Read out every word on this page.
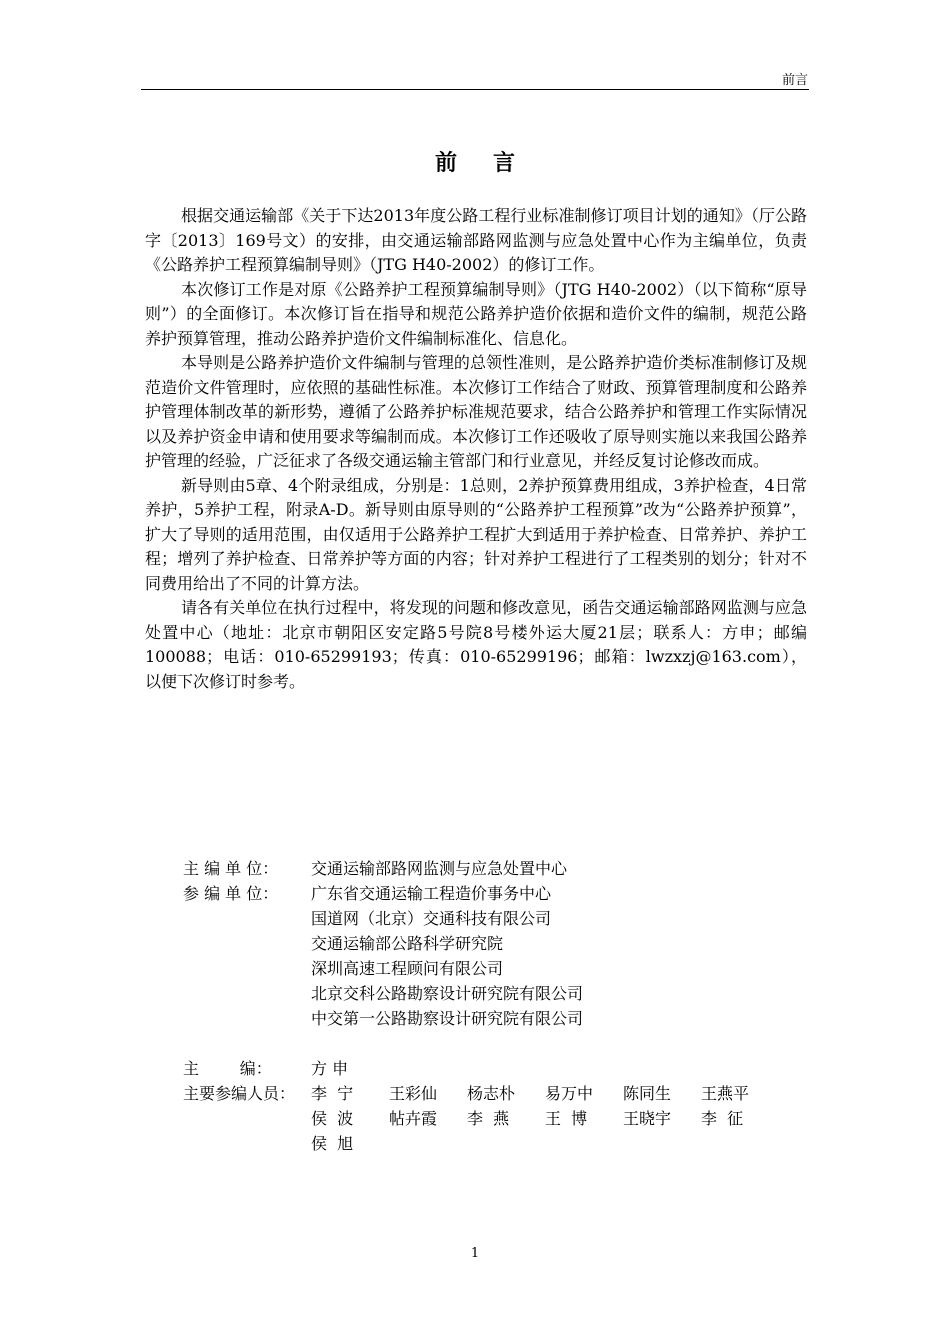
前言
前言

根据交通运输部《关于下达2013年度公路工程行业标准制修订项目计划的通知》（厅公路字〔2013〕169号文）的安排，由交通运输部路网监测与应急处置中心作为主编单位，负责《公路养护工程预算编制导则》（JTG H40-2002）的修订工作。

本次修订工作是对原《公路养护工程预算编制导则》（JTG H40-2002）（以下简称“原导则”）的全面修订。本次修订旨在指导和规范公路养护造价依据和造价文件的编制，规范公路养护预算管理，推动公路养护造价文件编制标准化、信息化。

本导则是公路养护造价文件编制与管理的总领性准则，是公路养护造价类标准制修订及规范造价文件管理时，应依照的基础性标准。本次修订工作结合了财政、预算管理制度和公路养护管理体制改革的新形势，遵循了公路养护标准规范要求，结合公路养护和管理工作实际情况以及养护资金申请和使用要求等编制而成。本次修订工作还吸收了原导则实施以来我国公路养护管理的经验，广泛征求了各级交通运输主管部门和行业意见，并经反复讨论修改而成。

新导则由5章、4个附录组成，分别是：1总则，2养护预算费用组成，3养护检查，4日常养护，5养护工程，附录A-D。新导则由原导则的“公路养护工程预算”改为“公路养护预算”，扩大了导则的适用范围，由仅适用于公路养护工程扩大到适用于养护检查、日常养护、养护工程；增列了养护检查、日常养护等方面的内容；针对养护工程进行了工程类别的划分；针对不同费用给出了不同的计算方法。

请各有关单位在执行过程中，将发现的问题和修改意见，函告交通运输部路网监测与应急处置中心（地址：北京市朝阳区安定路5号院8号楼外运大厦21层；联系人：方申；邮编100088；电话：010-65299193；传真：010-65299196；邮箱：lwzxzj@163.com），以便下次修订时参考。

主 编 单 位：	交通运输部路网监测与应急处置中心
参 编 单 位：	广东省交通运输工程造价事务中心
国道网（北京）交通科技有限公司
交通运输部公路科学研究院
深圳高速工程顾问有限公司
北京交科公路勘察设计研究院有限公司
中交第一公路勘察设计研究院有限公司
主        编：	方 申
主要参编人员： 李  宁	王彩仙	杨志朴	易万中	陈同生	王燕平
侯  波	帖卉霞	李  燕	王  博	王晓宇	李  征
侯  旭
1
